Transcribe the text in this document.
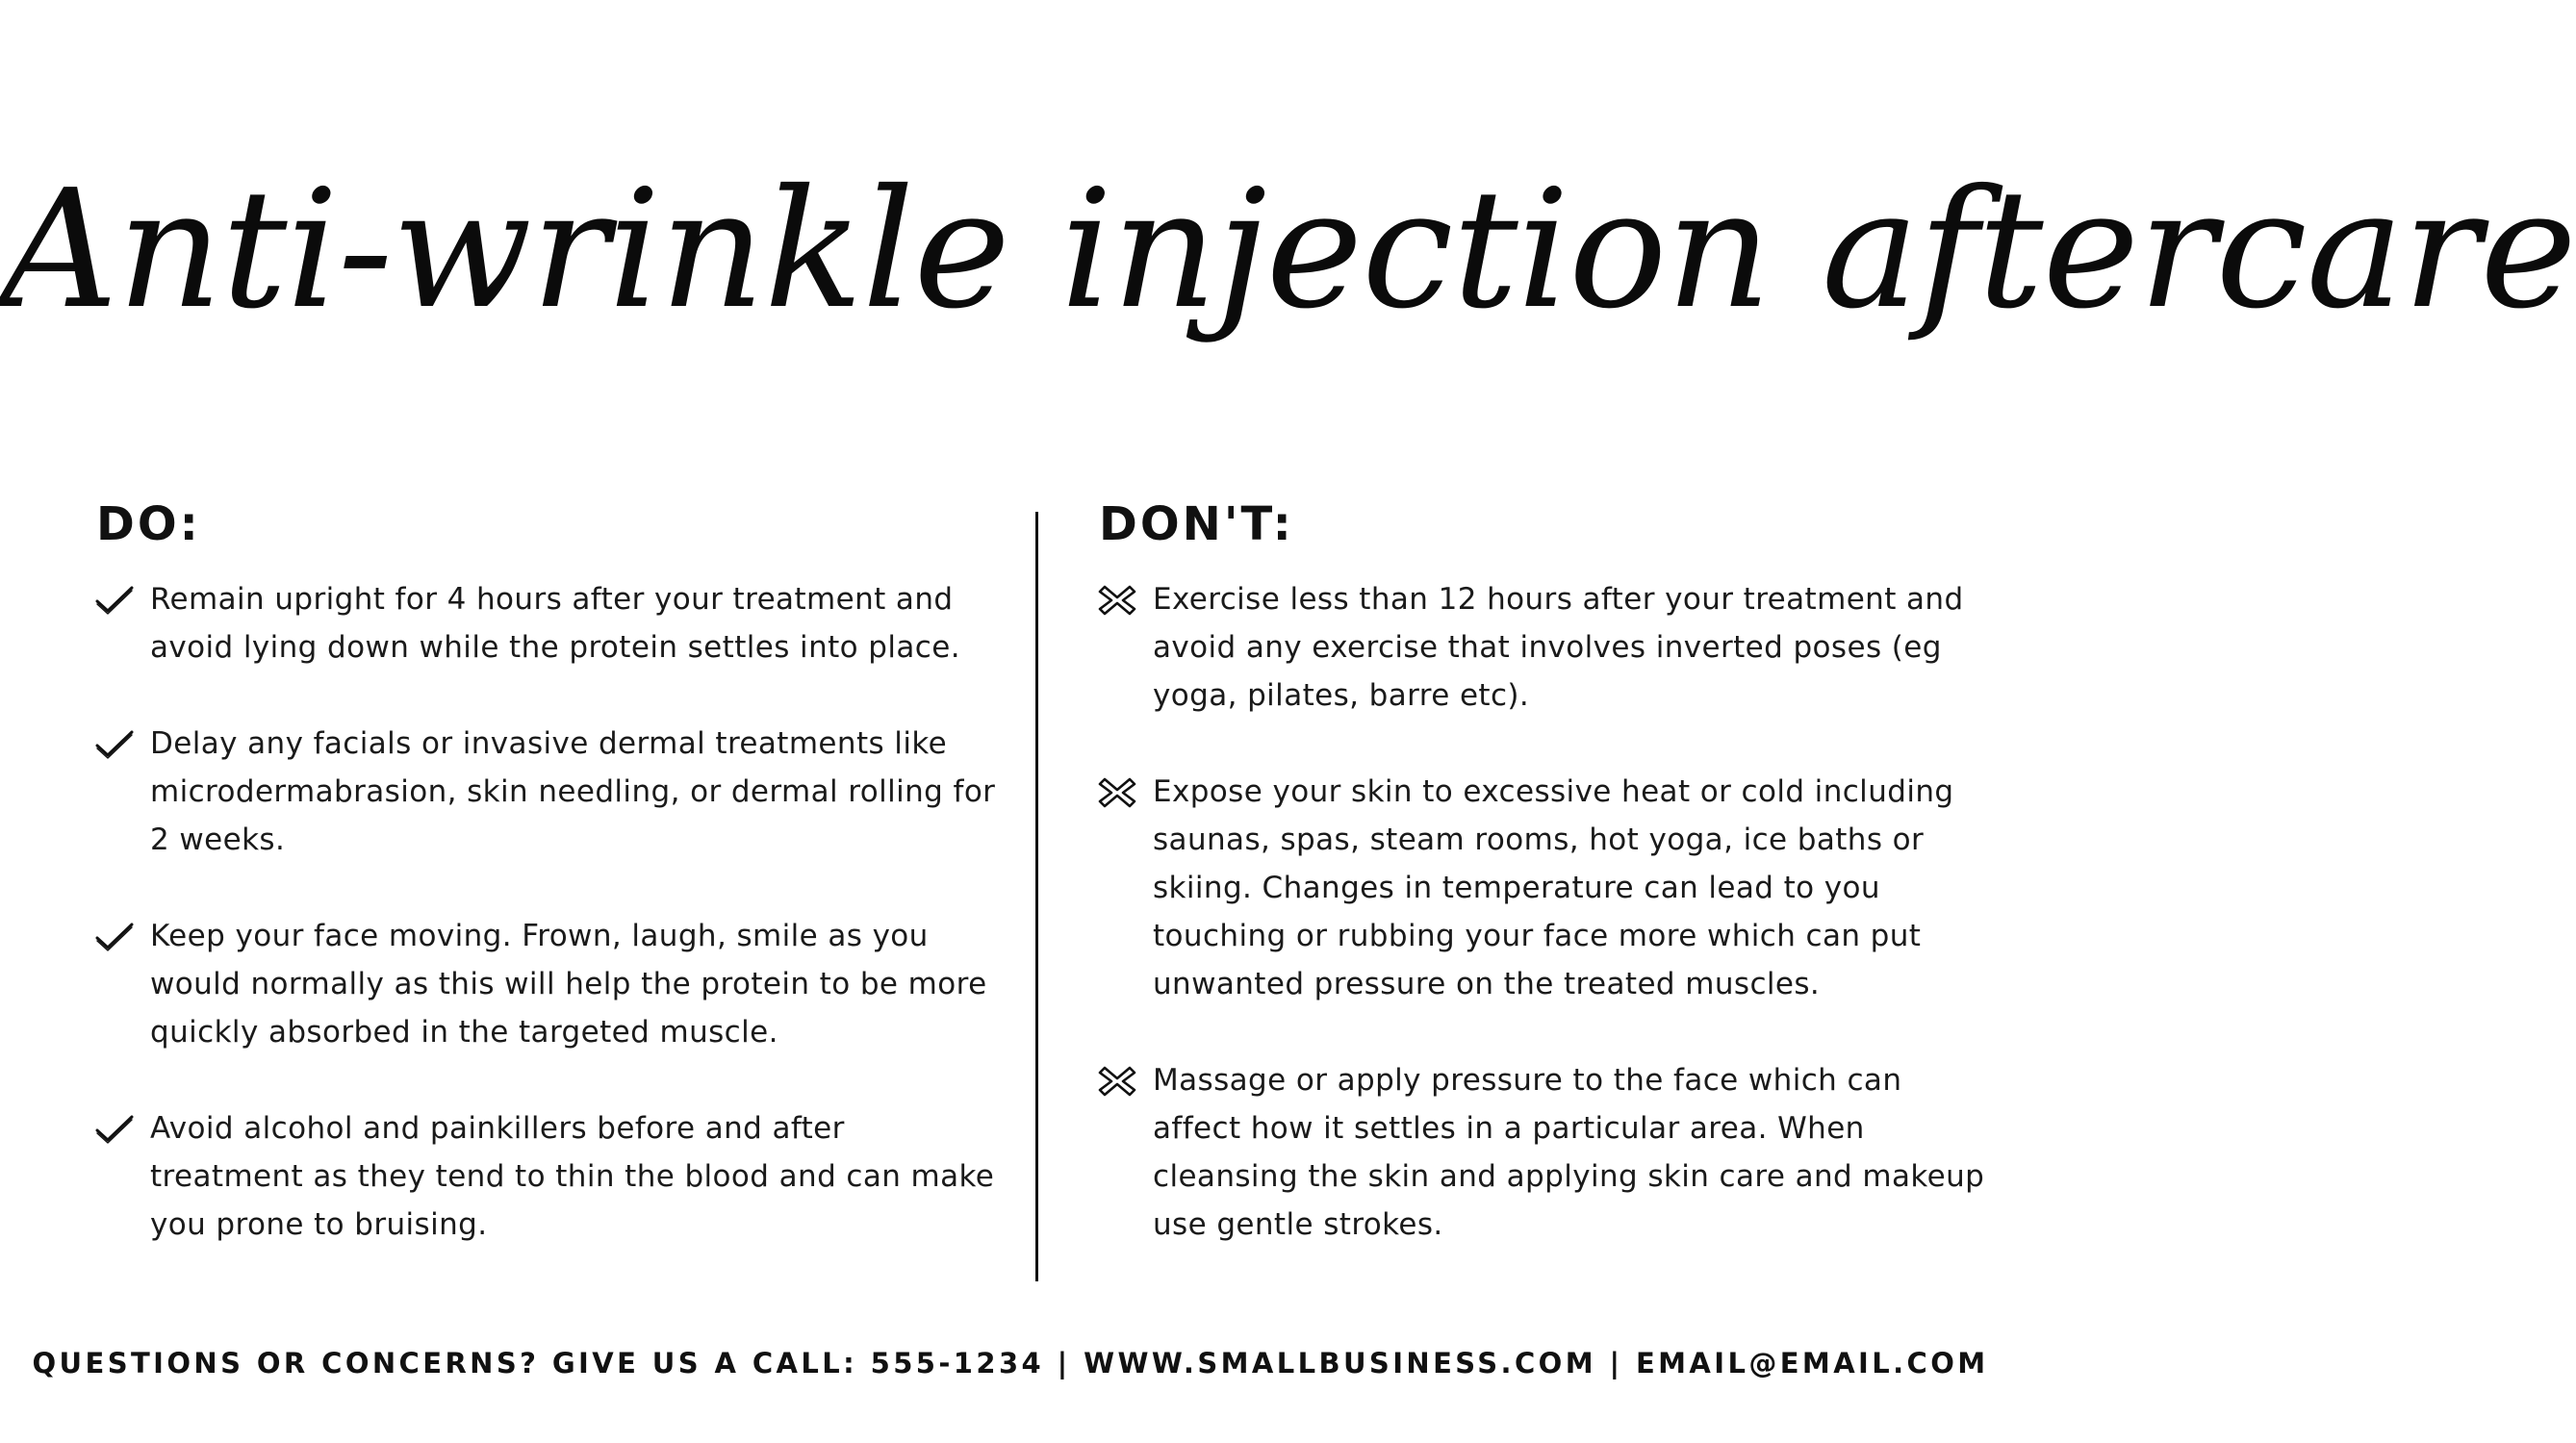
Anti-wrinkle injection aftercare
DO:	DON'T:
Remain upright for 4 hours after your treatment and avoid lying down while the protein settles into place.
Delay any facials or invasive dermal treatments like microdermabrasion, skin needling, or dermal rolling for 2 weeks.
Keep your face moving. Frown, laugh, smile as you would normally as this will help the protein to be more quickly absorbed in the targeted muscle.
Avoid alcohol and painkillers before and after treatment as they tend to thin the blood and can make you prone to bruising.
Exercise less than 12 hours after your treatment and avoid any exercise that involves inverted poses (eg yoga, pilates, barre etc).
Expose your skin to excessive heat or cold including saunas, spas, steam rooms, hot yoga, ice baths or skiing. Changes in temperature can lead to you touching or rubbing your face more which can put unwanted pressure on the treated muscles.
Massage or apply pressure to the face which can affect how it settles in a particular area. When cleansing the skin and applying skin care and makeup use gentle strokes.
QUESTIONS OR CONCERNS? GIVE US A CALL: 555-1234 | WWW.SMALLBUSINESS.COM | EMAIL@EMAIL.COM
